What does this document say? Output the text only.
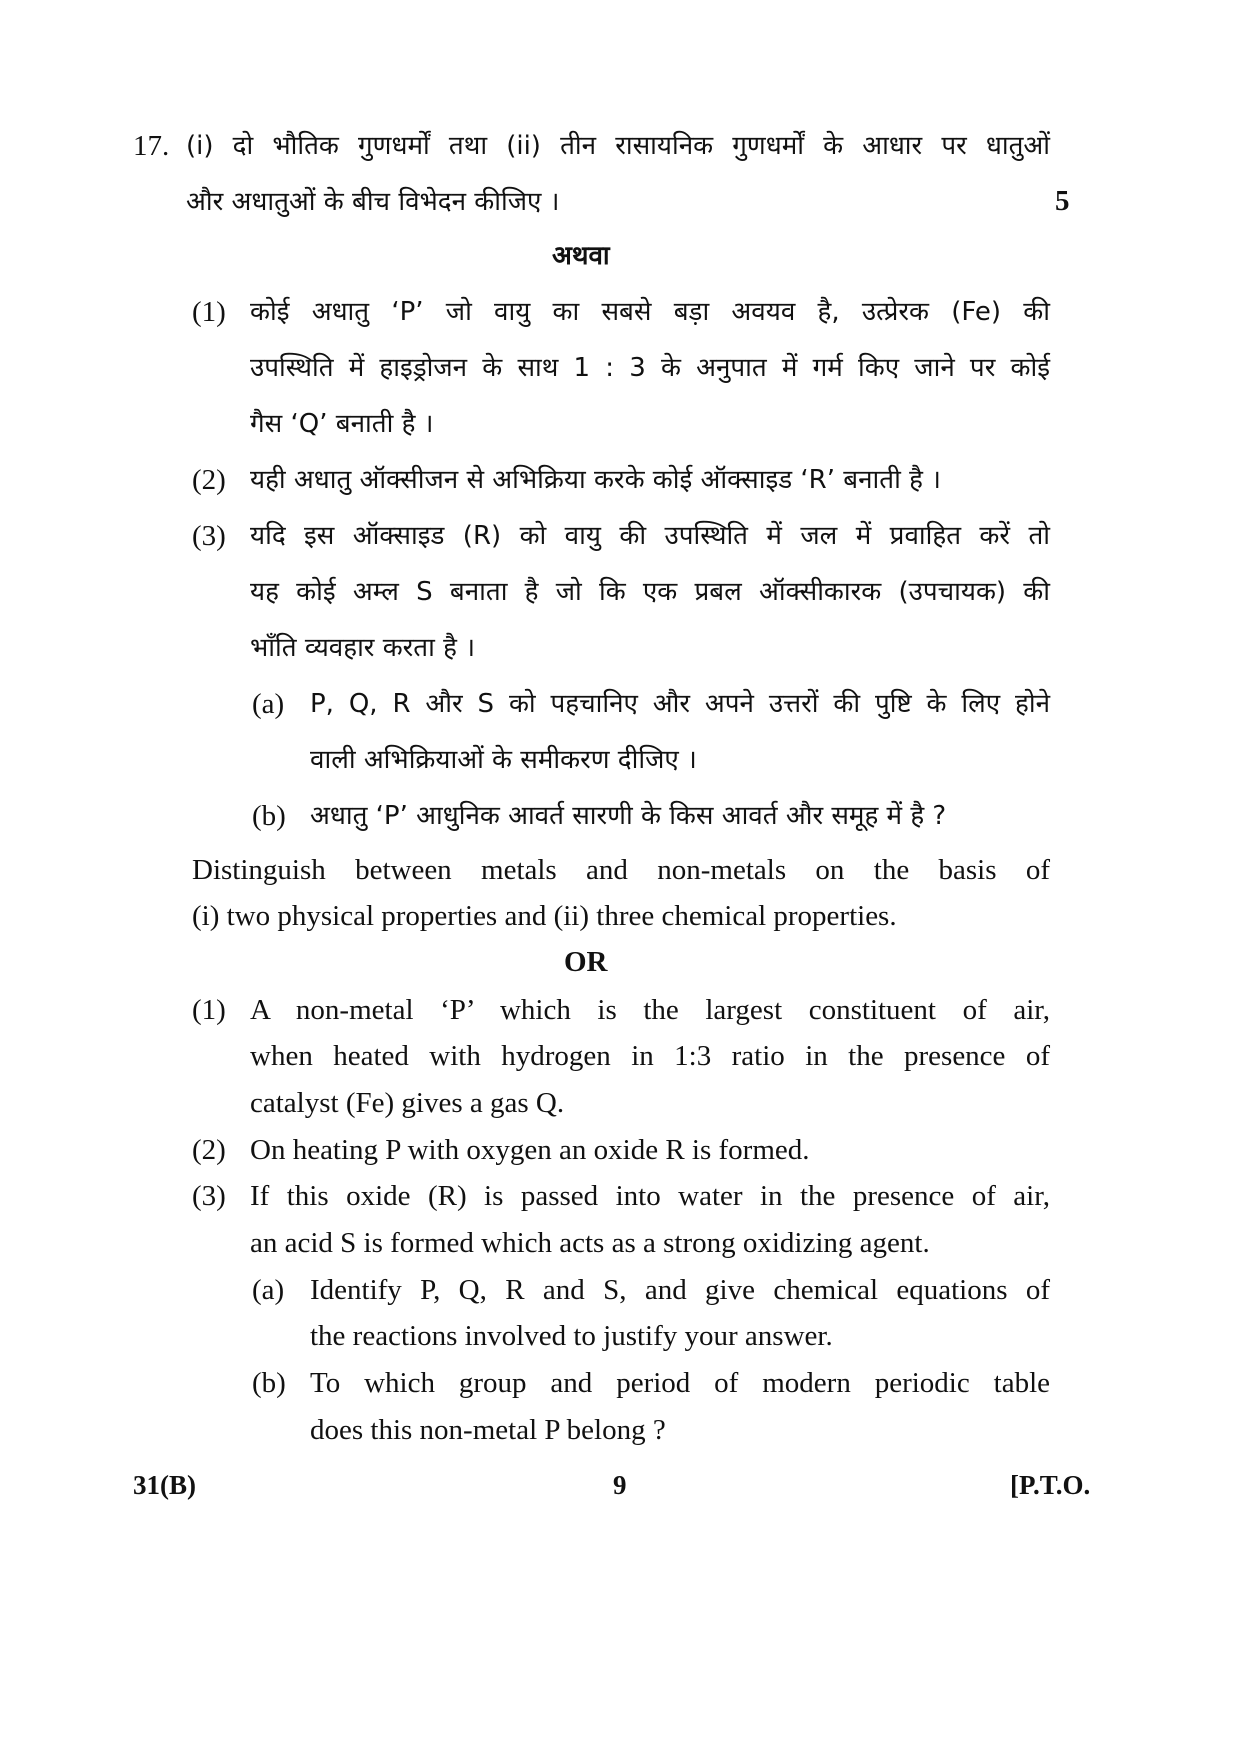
17. (i) दो भौतिक गुणधर्मों तथा (ii) तीन रासायनिक गुणधर्मों के आधार पर धातुओं
और अधातुओं के बीच विभेदन कीजिए ।	5
अथवा
(1) कोई अधातु ‘P’ जो वायु का सबसे बड़ा अवयव है, उत्प्रेरक (Fe) की
उपस्थिति में हाइड्रोजन के साथ 1 : 3 के अनुपात में गर्म किए जाने पर कोई
गैस ‘Q’ बनाती है ।
(2) यही अधातु ऑक्सीजन से अभिक्रिया करके कोई ऑक्साइड ‘R’ बनाती है ।
(3) यदि इस ऑक्साइड (R) को वायु की उपस्थिति में जल में प्रवाहित करें तो
यह कोई अम्ल S बनाता है जो कि एक प्रबल ऑक्सीकारक (उपचायक) की
भाँति व्यवहार करता है ।
(a) P, Q, R और S को पहचानिए और अपने उत्तरों की पुष्टि के लिए होने
वाली अभिक्रियाओं के समीकरण दीजिए ।
(b) अधातु ‘P’ आधुनिक आवर्त सारणी के किस आवर्त और समूह में है ?
Distinguish between metals and non-metals on the basis of
(i) two physical properties and (ii) three chemical properties.
OR
(1) A non-metal ‘P’ which is the largest constituent of air,
when heated with hydrogen in 1:3 ratio in the presence of
catalyst (Fe) gives a gas Q.
(2) On heating P with oxygen an oxide R is formed.
(3) If this oxide (R) is passed into water in the presence of air,
an acid S is formed which acts as a strong oxidizing agent.
(a) Identify P, Q, R and S, and give chemical equations of
the reactions involved to justify your answer.
(b) To which group and period of modern periodic table
does this non-metal P belong ?
31(B)	9	[P.T.O.
